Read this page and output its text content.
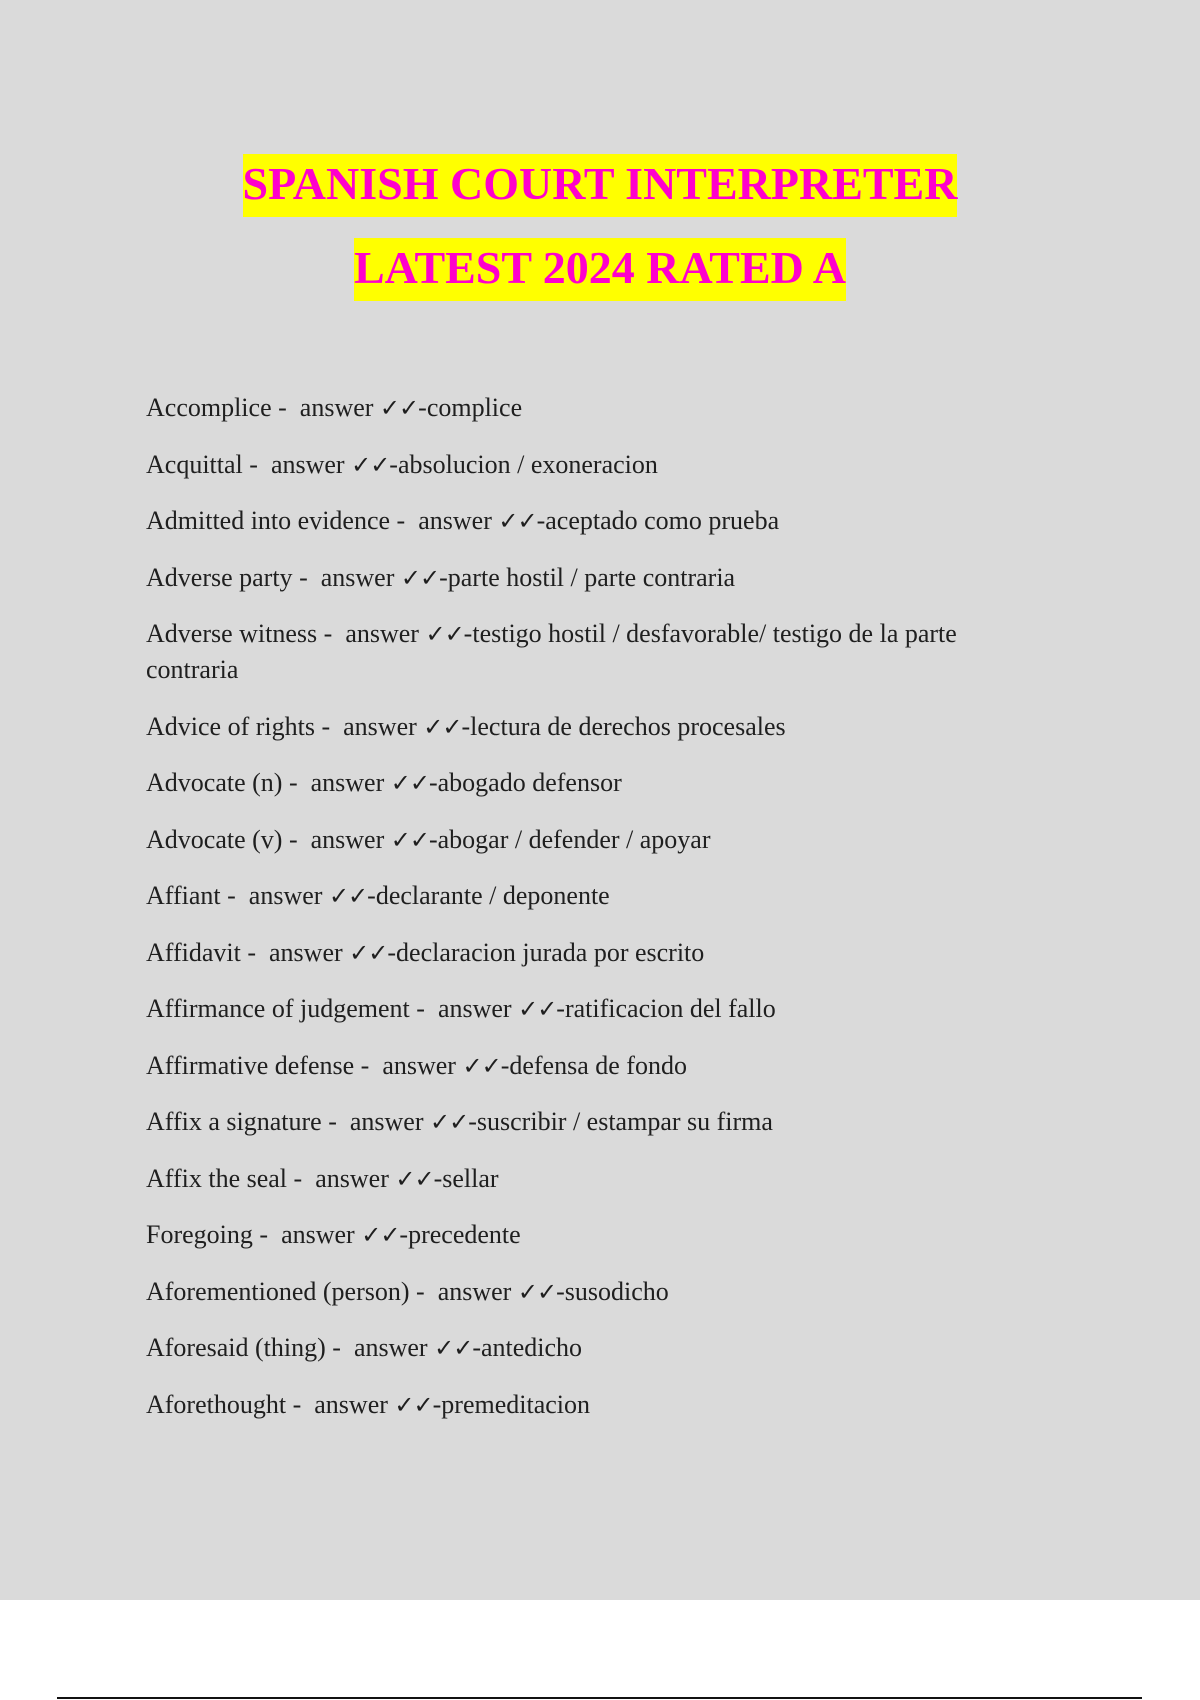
SPANISH COURT INTERPRETER
LATEST 2024 RATED A
Accomplice -  answer ✓✓-complice
Acquittal -  answer ✓✓-absolucion / exoneracion
Admitted into evidence -  answer ✓✓-aceptado como prueba
Adverse party -  answer ✓✓-parte hostil / parte contraria
Adverse witness -  answer ✓✓-testigo hostil / desfavorable/ testigo de la parte contraria
Advice of rights -  answer ✓✓-lectura de derechos procesales
Advocate (n) -  answer ✓✓-abogado defensor
Advocate (v) -  answer ✓✓-abogar / defender / apoyar
Affiant -  answer ✓✓-declarante / deponente
Affidavit -  answer ✓✓-declaracion jurada por escrito
Affirmance of judgement -  answer ✓✓-ratificacion del fallo
Affirmative defense -  answer ✓✓-defensa de fondo
Affix a signature -  answer ✓✓-suscribir / estampar su firma
Affix the seal -  answer ✓✓-sellar
Foregoing -  answer ✓✓-precedente
Aforementioned (person) -  answer ✓✓-susodicho
Aforesaid (thing) -  answer ✓✓-antedicho
Aforethought -  answer ✓✓-premeditacion
